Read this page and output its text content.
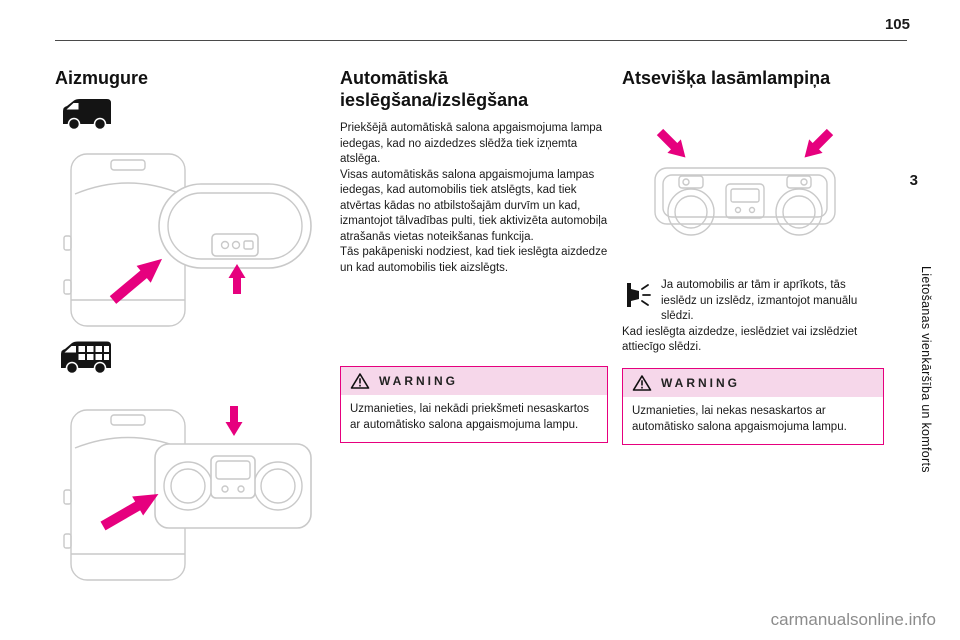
105
Aizmugure	Automātiskā ieslēgšana/izslēgšana

Priekšējā automātiskā salona apgaismojuma lampa iedegas, kad no aizdedzes slēdža tiek izņemta atslēga.

Visas automātiskās salona apgaismojuma lampas iedegas, kad automobilis tiek atslēgts, kad tiek atvērtas kādas no atbilstošajām durvīm un kad, izmantojot tālvadības pulti, tiek aktivizēta automobiļa atrašanās vietas noteikšanas funkcija.

Tās pakāpeniski nodziest, kad tiek ieslēgta aizdedze un kad automobilis tiek aizslēgts.

WARNING
Uzmanieties, lai nekādi priekšmeti nesaskartos ar automātisko salona apgaismojuma lampu.
Atsevišķa lasāmlampiņa

Ja automobilis ar tām ir aprīkots, tās ieslēdz un izslēdz, izmantojot manuālu slēdzi.

Kad ieslēgta aizdedze, ieslēdziet vai izslēdziet attiecīgo slēdzi.

WARNING
Uzmanieties, lai nekas nesaskartos ar automātisko salona apgaismojuma lampu.
3
Lietošanas vienkāršība un komforts
carmanualsonline.info
